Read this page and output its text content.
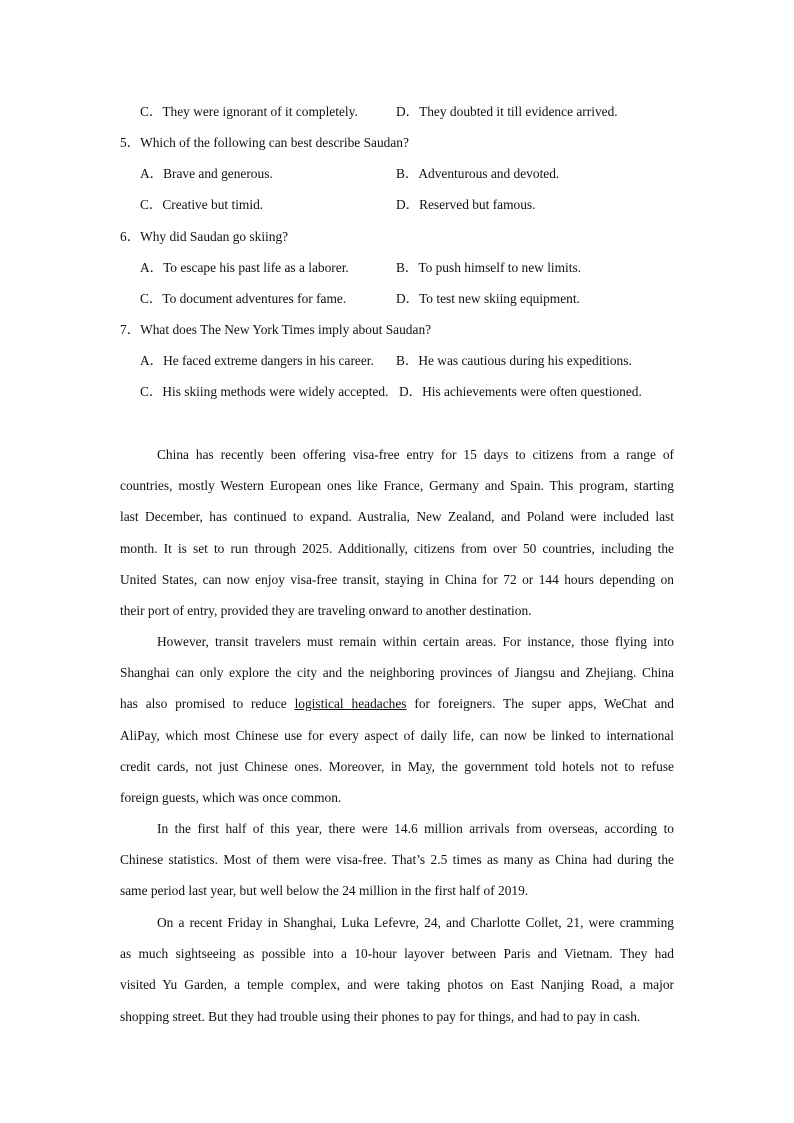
C．They were ignorant of it completely.	D．They doubted it till evidence arrived.
5．Which of the following can best describe Saudan?
A．Brave and generous.	B．Adventurous and devoted.
C．Creative but timid.	D．Reserved but famous.
6．Why did Saudan go skiing?
A．To escape his past life as a laborer.	B．To push himself to new limits.
C．To document adventures for fame.	D．To test new skiing equipment.
7．What does The New York Times imply about Saudan?
A．He faced extreme dangers in his career. B．He was cautious during his expeditions.
C．His skiing methods were widely accepted. D．His achievements were often questioned.
China has recently been offering visa-free entry for 15 days to citizens from a range of
countries, mostly Western European ones like France, Germany and Spain. This program, starting
last December, has continued to expand. Australia, New Zealand, and Poland were included last
month. It is set to run through 2025. Additionally, citizens from over 50 countries, including the
United States, can now enjoy visa-free transit, staying in China for 72 or 144 hours depending on
their port of entry, provided they are traveling onward to another destination.
However, transit travelers must remain within certain areas. For instance, those flying into
Shanghai can only explore the city and the neighboring provinces of Jiangsu and Zhejiang. China
has also promised to reduce logistical headaches for foreigners. The super apps, WeChat and
AliPay, which most Chinese use for every aspect of daily life, can now be linked to international
credit cards, not just Chinese ones. Moreover, in May, the government told hotels not to refuse
foreign guests, which was once common.
In the first half of this year, there were 14.6 million arrivals from overseas, according to
Chinese statistics. Most of them were visa-free. That’s 2.5 times as many as China had during the
same period last year, but well below the 24 million in the first half of 2019.
On a recent Friday in Shanghai, Luka Lefevre, 24, and Charlotte Collet, 21, were cramming
as much sightseeing as possible into a 10-hour layover between Paris and Vietnam. They had
visited Yu Garden, a temple complex, and were taking photos on East Nanjing Road, a major
shopping street. But they had trouble using their phones to pay for things, and had to pay in cash.
